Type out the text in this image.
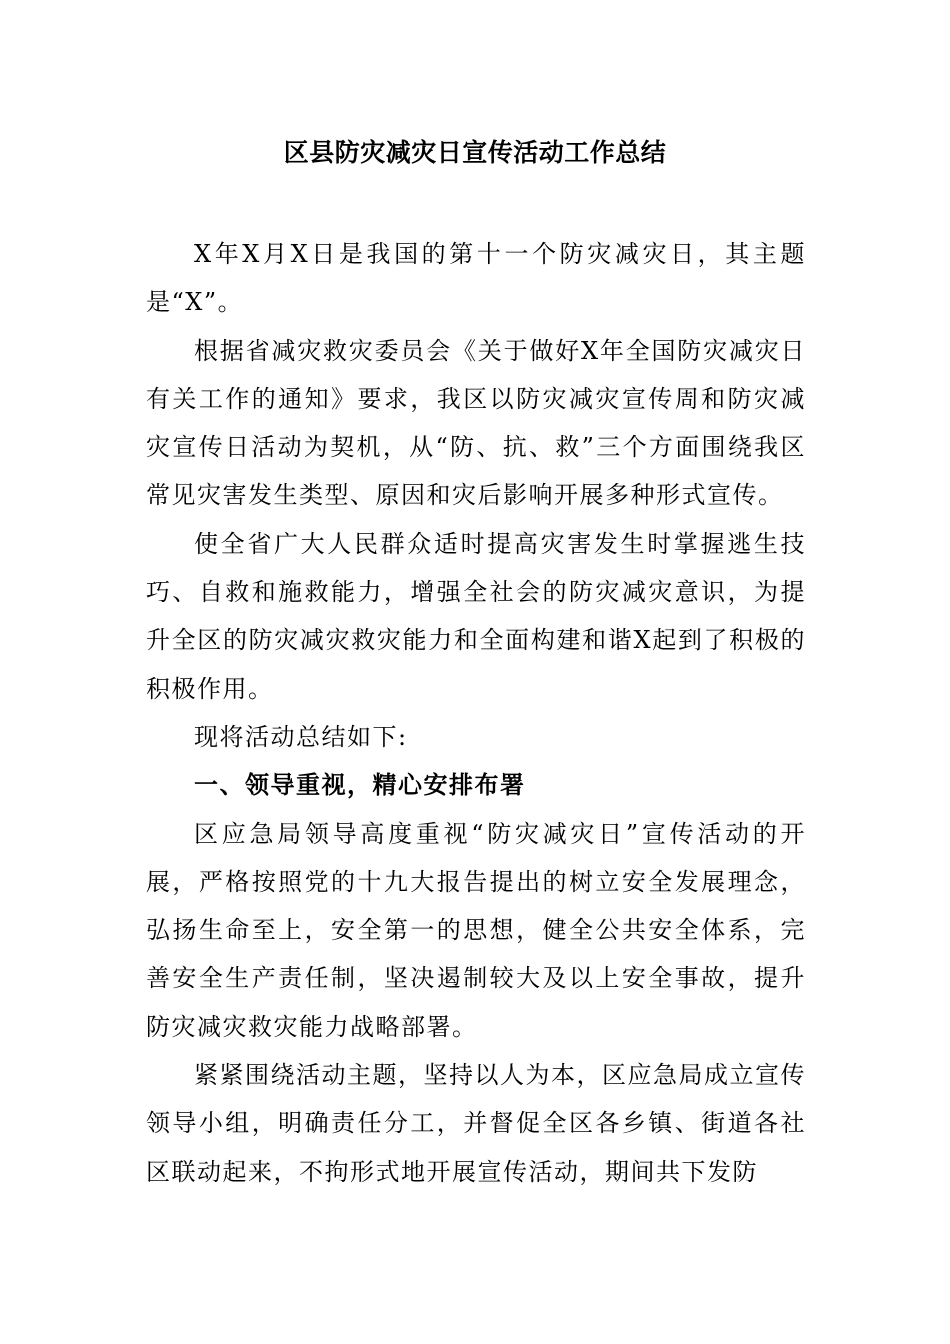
区县防灾减灾日宣传活动工作总结

X年X月X日是我国的第十一个防灾减灾日，其主题是“X”。

根据省减灾救灾委员会《关于做好X年全国防灾减灾日有关工作的通知》要求，我区以防灾减灾宣传周和防灾减灾宣传日活动为契机，从“防、抗、救”三个方面围绕我区常见灾害发生类型、原因和灾后影响开展多种形式宣传。

使全省广大人民群众适时提高灾害发生时掌握逃生技巧、自救和施救能力，增强全社会的防灾减灾意识，为提升全区的防灾减灾救灾能力和全面构建和谐X起到了积极的积极作用。

现将活动总结如下:

一、领导重视，精心安排布署

区应急局领导高度重视“防灾减灾日”宣传活动的开展，严格按照党的十九大报告提出的树立安全发展理念，弘扬生命至上，安全第一的思想，健全公共安全体系，完善安全生产责任制，坚决遏制较大及以上安全事故，提升防灾减灾救灾能力战略部署。

紧紧围绕活动主题，坚持以人为本，区应急局成立宣传领导小组，明确责任分工，并督促全区各乡镇、街道各社区联动起来，不拘形式地开展宣传活动，期间共下发防
